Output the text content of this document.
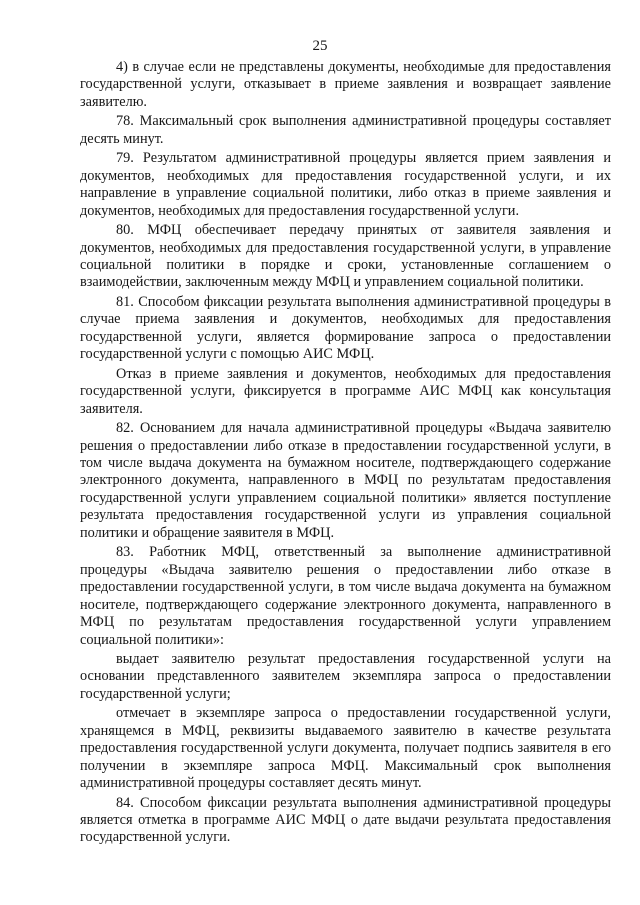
25

4) в случае если не представлены документы, необходимые для предоставления государственной услуги, отказывает в приеме заявления и возвращает заявление заявителю.

78. Максимальный срок выполнения административной процедуры составляет десять минут.

79. Результатом административной процедуры является прием заявления и документов, необходимых для предоставления государственной услуги, и их направление в управление социальной политики, либо отказ в приеме заявления и документов, необходимых для предоставления государственной услуги.

80. МФЦ обеспечивает передачу принятых от заявителя заявления и документов, необходимых для предоставления государственной услуги, в управление социальной политики в порядке и сроки, установленные соглашением о взаимодействии, заключенным между МФЦ и управлением социальной политики.

81. Способом фиксации результата выполнения административной процедуры в случае приема заявления и документов, необходимых для предоставления государственной услуги, является формирование запроса о предоставлении государственной услуги с помощью АИС МФЦ.

Отказ в приеме заявления и документов, необходимых для предоставления государственной услуги, фиксируется в программе АИС МФЦ как консультация заявителя.

82. Основанием для начала административной процедуры «Выдача заявителю решения о предоставлении либо отказе в предоставлении государственной услуги, в том числе выдача документа на бумажном носителе, подтверждающего содержание электронного документа, направленного в МФЦ по результатам предоставления государственной услуги управлением социальной политики» является поступление результата предоставления государственной услуги из управления социальной политики и обращение заявителя в МФЦ.

83. Работник МФЦ, ответственный за выполнение административной процедуры «Выдача заявителю решения о предоставлении либо отказе в предоставлении государственной услуги, в том числе выдача документа на бумажном носителе, подтверждающего содержание электронного документа, направленного в МФЦ по результатам предоставления государственной услуги управлением социальной политики»:

выдает заявителю результат предоставления государственной услуги на основании представленного заявителем экземпляра запроса о предоставлении государственной услуги;

отмечает в экземпляре запроса о предоставлении государственной услуги, хранящемся в МФЦ, реквизиты выдаваемого заявителю в качестве результата предоставления государственной услуги документа, получает подпись заявителя в его получении в экземпляре запроса МФЦ. Максимальный срок выполнения административной процедуры составляет десять минут.

84. Способом фиксации результата выполнения административной процедуры является отметка в программе АИС МФЦ о дате выдачи результата предоставления государственной услуги.
